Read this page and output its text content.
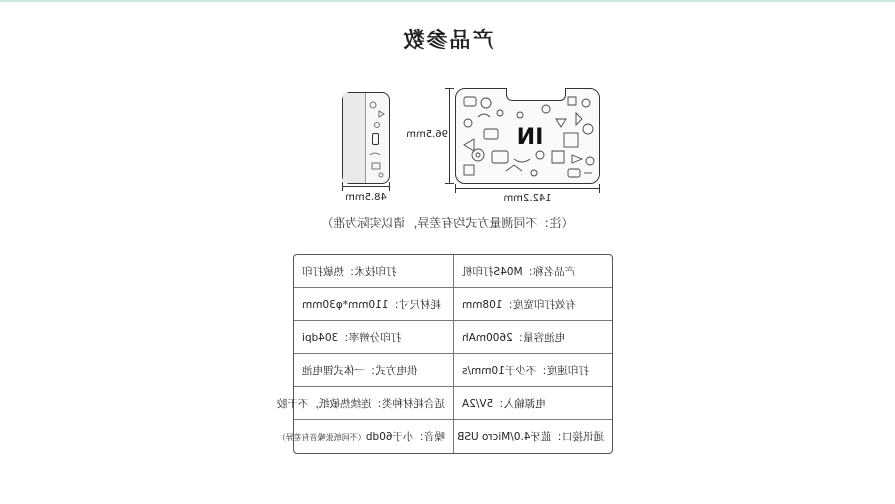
产品参数
48.5mm
96.5mm	IN
142.2mm
（注：不同测量方式均有差异，请以实际为准）
打印技术：热敏打印	产品名称：M04S打印机

耗材尺寸：110mm*φ30mm	有效打印宽度：108mm

打印分辨率：304dpi	电池容量：2600mAh

供电方式：一体式锂电池	打印速度：不少于10mm/s

适合耗材种类：连续热敏纸，不干胶	电源输入：5V/2A

噪音：小于60db（不同纸张噪音有差异）	通讯接口：蓝牙4.0/Micro USB
